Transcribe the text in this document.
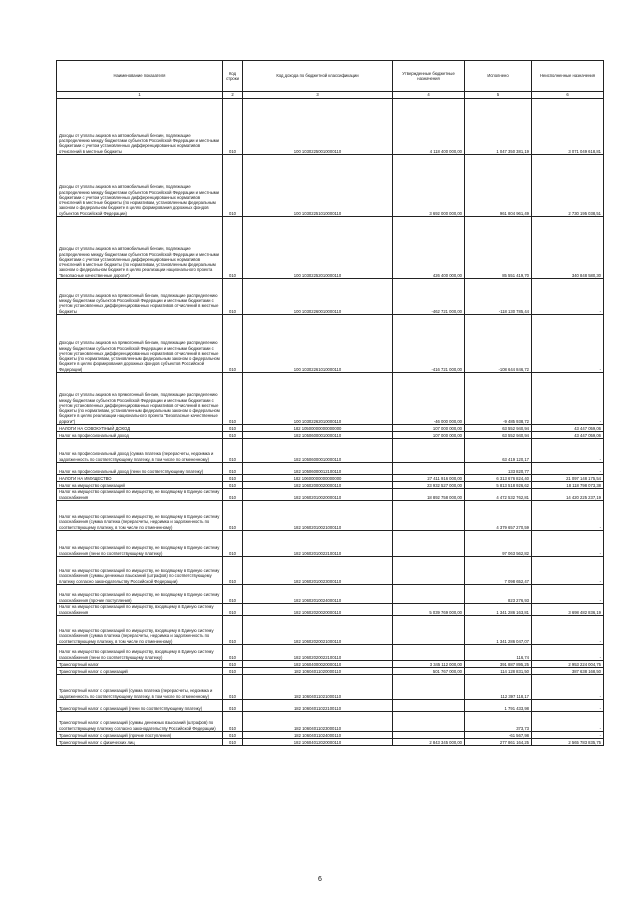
Наименование показателя	Код строки	Код дохода по бюджетной классификации	Утвержденные бюджетные назначения	Исполнено	Неисполненные назначения
1	2	3	4	5	6
Доходы от уплаты акцизов на автомобильный бензин, подлежащие распределению между бюджетами субъектов Российской Федерации и местными бюджетами с учетом установленных дифференцированных нормативов отчислений в местные бюджеты	010	100 10302250010000110	4 118 400 000,00	1 047 350 381,19	3 071 049 618,81
Доходы от уплаты акцизов на автомобильный бензин, подлежащие распределению между бюджетами субъектов Российской Федерации и местными бюджетами с учетом установленных дифференцированных нормативов отчислений в местные бюджеты (по нормативам, установленным федеральным законом о федеральном бюджете в целях формирования дорожных фондов субъектов Российской Федерации)	010	100 10302251010000110	3 692 000 000,00	961 804 961,49	2 730 195 038,51
Доходы от уплаты акцизов на автомобильный бензин, подлежащие распределению между бюджетами субъектов Российской Федерации и местными бюджетами с учетом установленных дифференцированных нормативов отчислений в местные бюджеты (по нормативам, установленным федеральным законом о федеральном бюджете в целях реализации национального проекта "Безопасные качественные дороги")	010	100 10302252010000110	426 400 000,00	85 551 419,70	340 848 580,30
Доходы от уплаты акцизов на прямогонный бензин, подлежащие распределению между бюджетами субъектов Российской Федерации и местными бюджетами с учетом установленных дифференцированных нормативов отчислений в местные бюджеты	010	100 10302260010000110	-462 721 000,00	-118 130 785,44	-
Доходы от уплаты акцизов на прямогонный бензин, подлежащие распределению между бюджетами субъектов Российской Федерации и местными бюджетами с учетом установленных дифференцированных нормативов отчислений в местные бюджеты (по нормативам, установленным федеральным законом о федеральном бюджете в целях формирования дорожных фондов субъектов Российской Федерации)	010	100 10302261010000110	-416 721 000,00	-108 644 846,72	-
Доходы от уплаты акцизов на прямогонный бензин, подлежащие распределению между бюджетами субъектов Российской Федерации и местными бюджетами с учетом установленных дифференцированных нормативов отчислений в местные бюджеты (по нормативам, установленным федеральным законом о федеральном бюджете в целях реализации национального проекта "Безопасные качественные дороги")	010	100 10302262010000110	-46 000 000,00	-9 485 938,72	-
НАЛОГИ НА СОВОКУПНЫЙ ДОХОД	010	182 10500000000000000	107 000 000,00	63 552 940,94	43 447 059,06
Налог на профессиональный доход	010	182 10506000010000110	107 000 000,00	63 552 940,94	43 447 059,06
Налог на профессиональный доход (сумма платежа (перерасчеты, недоимка и задолженность по соответствующему платежу, в том числе по отмененному)	010	182 10506000010000110		63 419 120,17	-
Налог на профессиональный доход (пени по соответствующему платежу)	010	182 10506000012100110		133 820,77	-
НАЛОГИ НА ИМУЩЕСТВО	010	182 10600000000000000	27 411 916 000,00	6 313 676 824,40	21 097 148 175,54
Налог на имущество организаций	010	182 10602000020000110	23 932 527 000,00	5 813 518 926,62	18 118 798 073,38
Налог на имущество организаций по имуществу, не входящему в Единую систему газоснабжения	010	182 10602010020000110	18 892 758 000,00	4 472 532 762,81	14 420 225 237,19
Налог на имущество организаций по имуществу, не входящему в Единую систему газоснабжения (сумма платежа (перерасчеты, недоимка и задолженность по соответствующему платежу, в том числе по отмененному)	010	182 10602010021000110		4 379 657 270,59	-
Налог на имущество организаций по имуществу, не входящему в Единую систему газоснабжения (пени по соответствующему платежу)	010	182 10602010022100110		97 063 562,82	-
Налог на имущество организаций по имуществу, не входящему в Единую систему газоснабжения (суммы денежных взысканий (штрафов) по соответствующему платежу согласно законодательству Российской Федерации)	010	182 10602010023000110		7 098 652,47	-
Налог на имущество организаций по имуществу, не входящему в Единую систему газоснабжения (прочие поступления)	010	182 10602010024000110		823 276,93	-
Налог на имущество организаций по имуществу, входящему в Единую систему газоснабжения	010	182 10602020020000110	5 039 769 000,00	1 341 286 163,81	3 698 482 836,19
Налог на имущество организаций по имуществу, входящему в Единую систему газоснабжения (сумма платежа (перерасчеты, недоимка и задолженность по соответствующему платежу, в том числе по отмененному)	010	182 10602020021000110		1 341 286 047,07	-
Налог на имущество организаций по имуществу, входящему в Единую систему газоснабжения (пени по соответствующему платежу)	010	182 10602020022100110		116,74	-
Транспортный налог	010	182 10604000020000110	3 345 112 000,00	391 887 895,25	2 953 224 004,75
Транспортный налог с организаций	010	182 10604011020000110	501 767 000,00	114 128 831,50	387 638 168,50
Транспортный налог с организаций (сумма платежа (перерасчеты, недоимка и задолженность по соответствующему платежу, в том числе по отмененному)	010	182 10604011021000110		112 397 118,17	-
Транспортный налог с организаций (пени по соответствующему платежу)	010	182 10604011022100110		1 791 433,98	-
Транспортный налог с организаций (суммы денежных взысканий (штрафов) по соответствующему платежу согласно законодательству Российской Федерации)	010	182 10604011023000110		373,73	-
Транспортный налог с организаций (прочие поступления)	010	182 10604011024000110		-61 567,98	-
Транспортный налог с физических лиц	010	182 10604012020000110	2 843 345 000,00	277 861 164,25	2 565 783 835,75
6
